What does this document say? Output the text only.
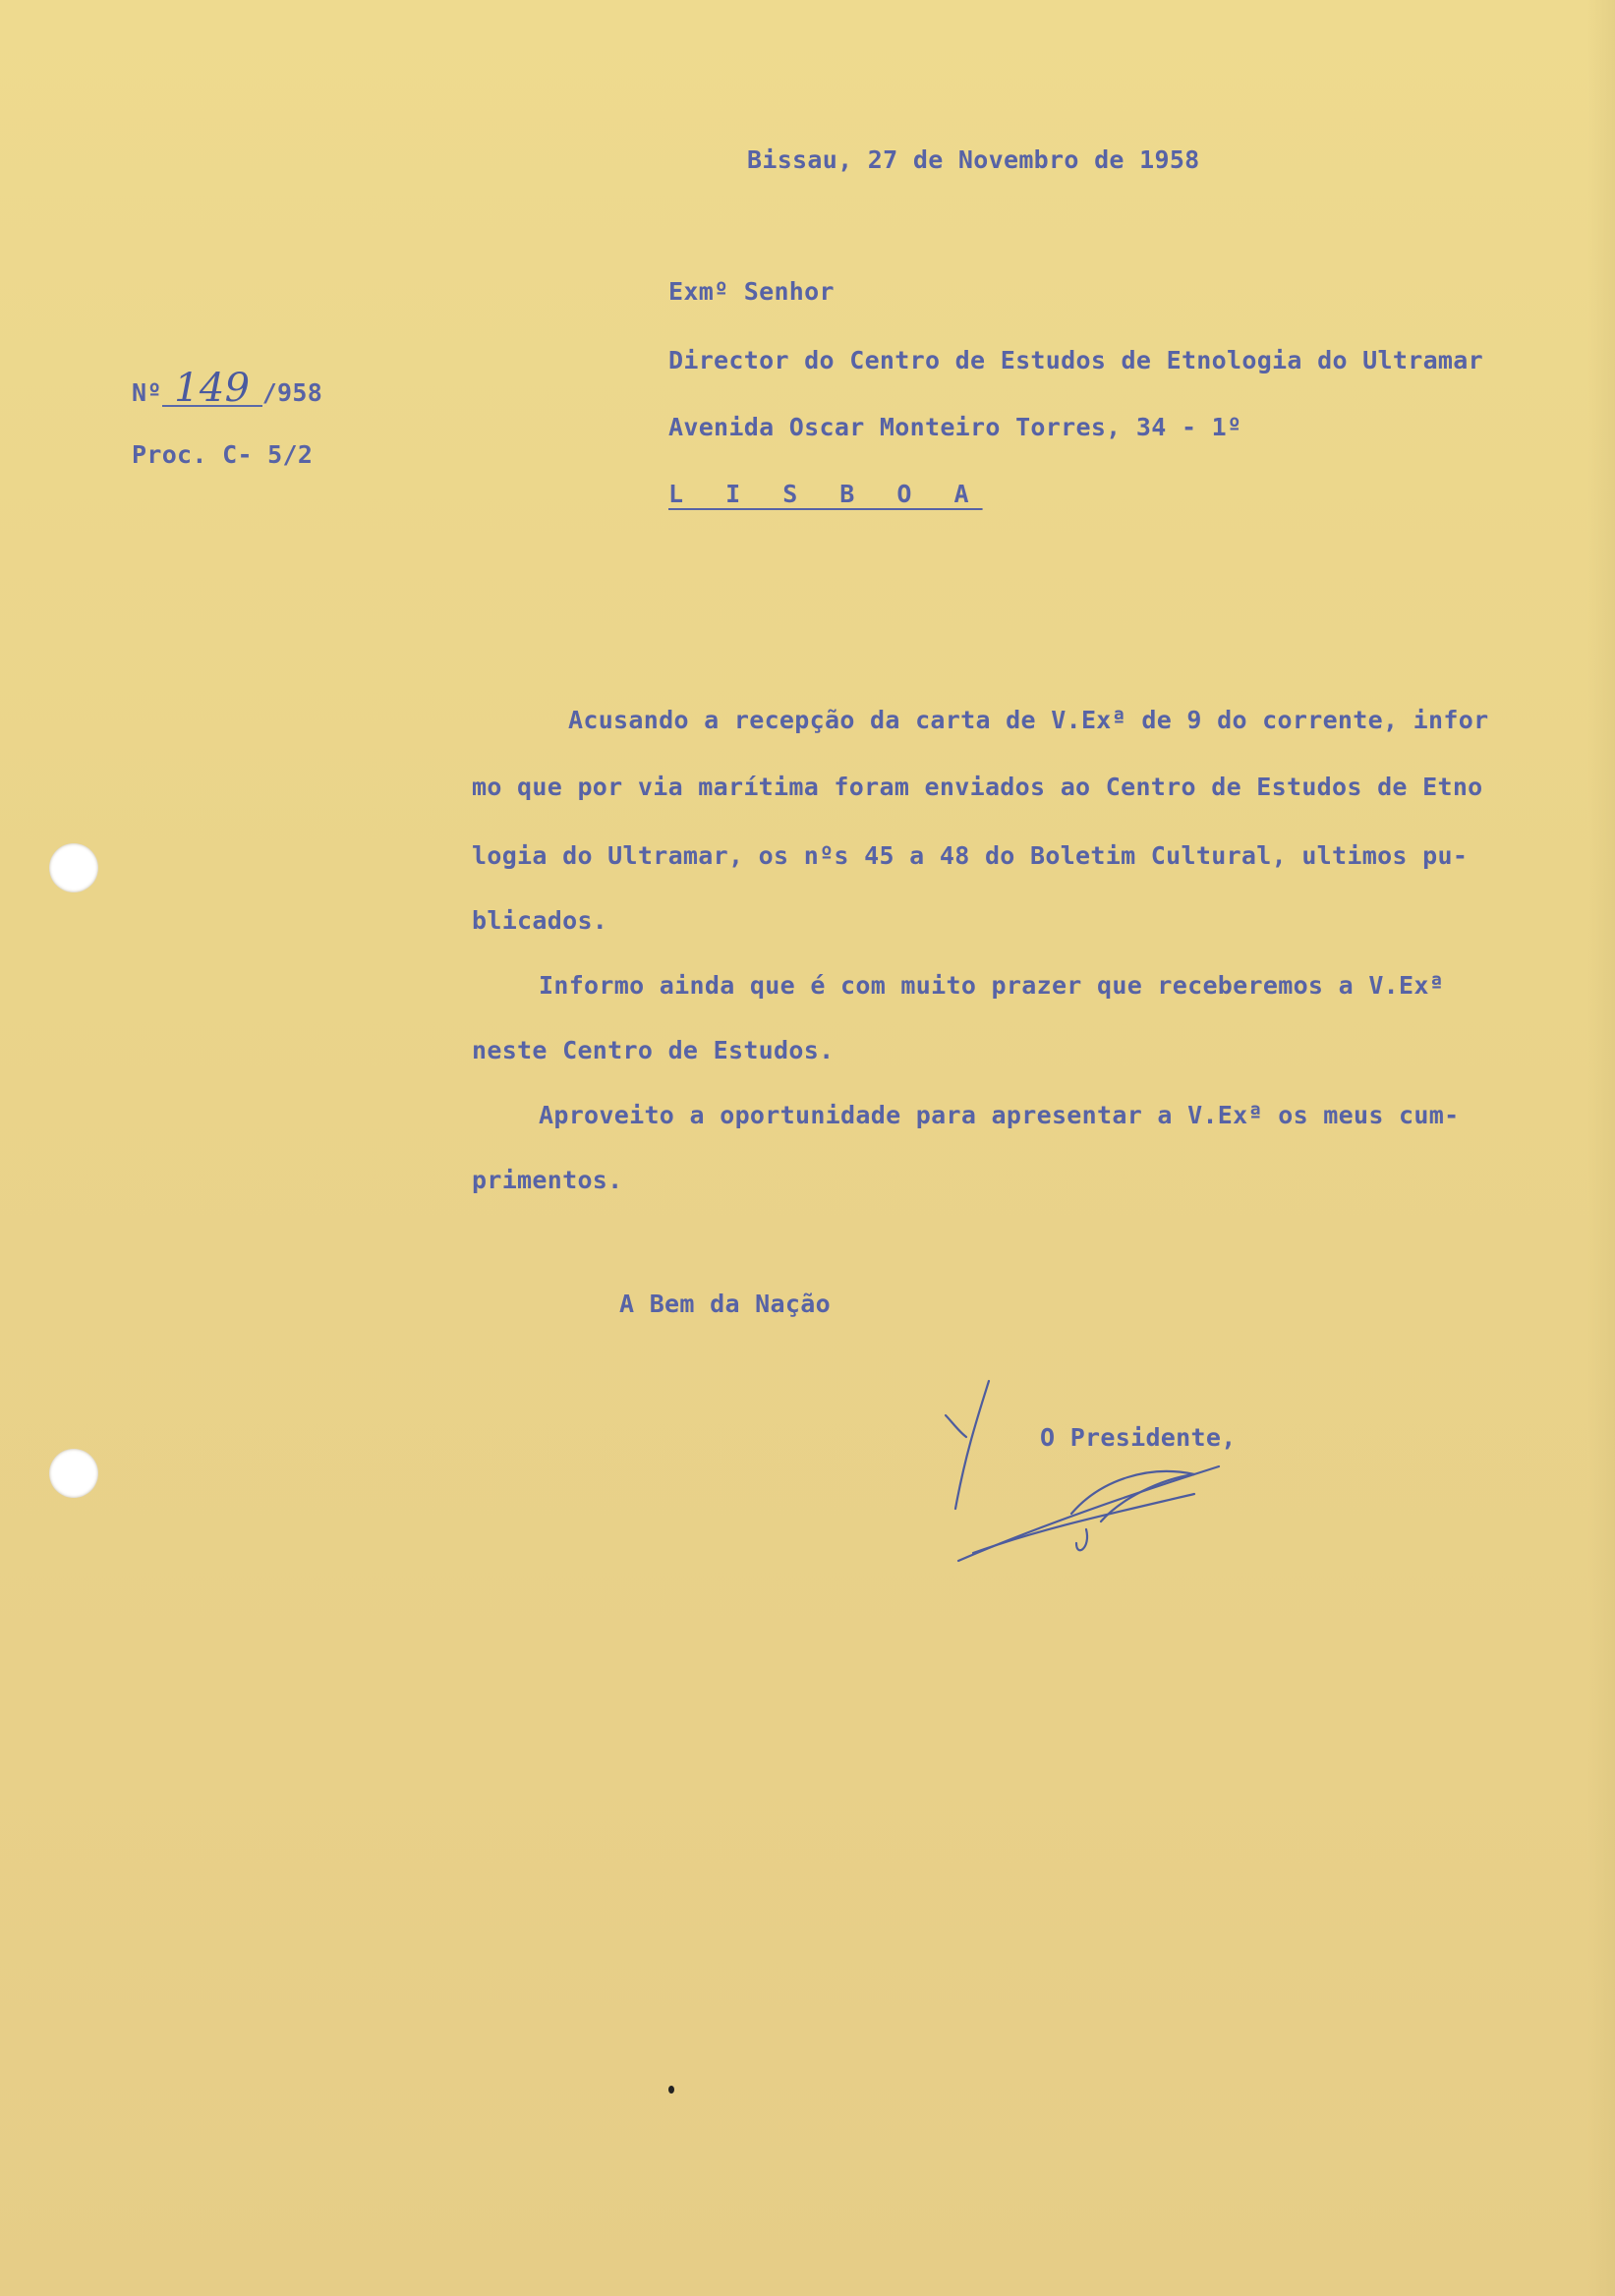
Bissau, 27 de Novembro de 1958
Nº 149 /958
Proc. C- 5/2
Exmº Senhor
Director do Centro de Estudos de Etnologia do Ultramar
Avenida Oscar Monteiro Torres, 34 - 1º
L I S B O A
Acusando a recepção da carta de V.Exª de 9 do corrente, infor
mo que por via marítima foram enviados ao Centro de Estudos de Etno
logia do Ultramar, os nºs 45 a 48 do Boletim Cultural, ultimos pu-
blicados.
Informo ainda que é com muito prazer que receberemos a V.Exª
neste Centro de Estudos.
Aproveito a oportunidade para apresentar a V.Exª os meus cum-
primentos.
A Bem da Nação
O Presidente,
